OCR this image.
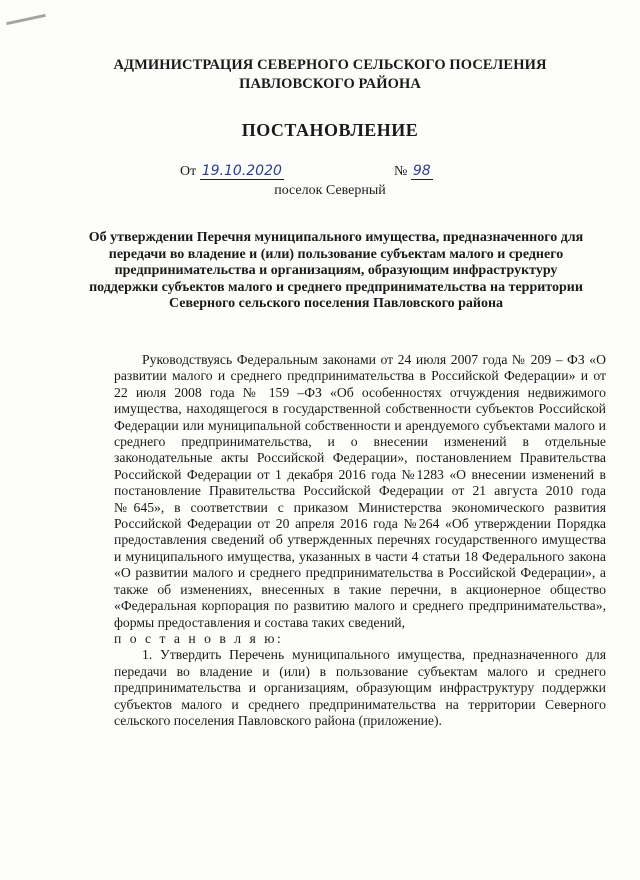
АДМИНИСТРАЦИЯ СЕВЕРНОГО СЕЛЬСКОГО ПОСЕЛЕНИЯ
ПАВЛОВСКОГО РАЙОНА
ПОСТАНОВЛЕНИЕ
От 19.10.2020	№ 98
поселок Северный
Об утверждении Перечня муниципального имущества, предназначенного для передачи во владение и (или) пользование субъектам малого и среднего предпринимательства и организациям, образующим инфраструктуру поддержки субъектов малого и среднего предпринимательства на территории Северного сельского поселения Павловского района

Руководствуясь Федеральным законами от 24 июля 2007 года № 209 – ФЗ «О развитии малого и среднего предпринимательства в Российской Федерации» и от 22 июля 2008 года № 159 –ФЗ «Об особенностях отчуждения недвижимого имущества, находящегося в государственной собственности субъектов Российской Федерации или муниципальной собственности и арендуемого субъектами малого и среднего предпринимательства, и о внесении изменений в отдельные законодательные акты Российской Федерации», постановлением Правительства Российской Федерации от 1 декабря 2016 года №1283 «О внесении изменений в постановление Правительства Российской Федерации от 21 августа 2010 года №645», в соответствии с приказом Министерства экономического развития Российской Федерации от 20 апреля 2016 года №264 «Об утверждении Порядка предоставления сведений об утвержденных перечнях государственного имущества и муниципального имущества, указанных в части 4 статьи 18 Федерального закона «О развитии малого и среднего предпринимательства в Российской Федерации», а также об изменениях, внесенных в такие перечни, в акционерное общество «Федеральная корпорация по развитию малого и среднего предпринимательства», формы предоставления и состава таких сведений,

п о с т а н о в л я ю:

1. Утвердить Перечень муниципального имущества, предназначенного для передачи во владение и (или) в пользование субъектам малого и среднего предпринимательства и организациям, образующим инфраструктуру поддержки субъектов малого и среднего предпринимательства на территории Северного сельского поселения Павловского района (приложение).
